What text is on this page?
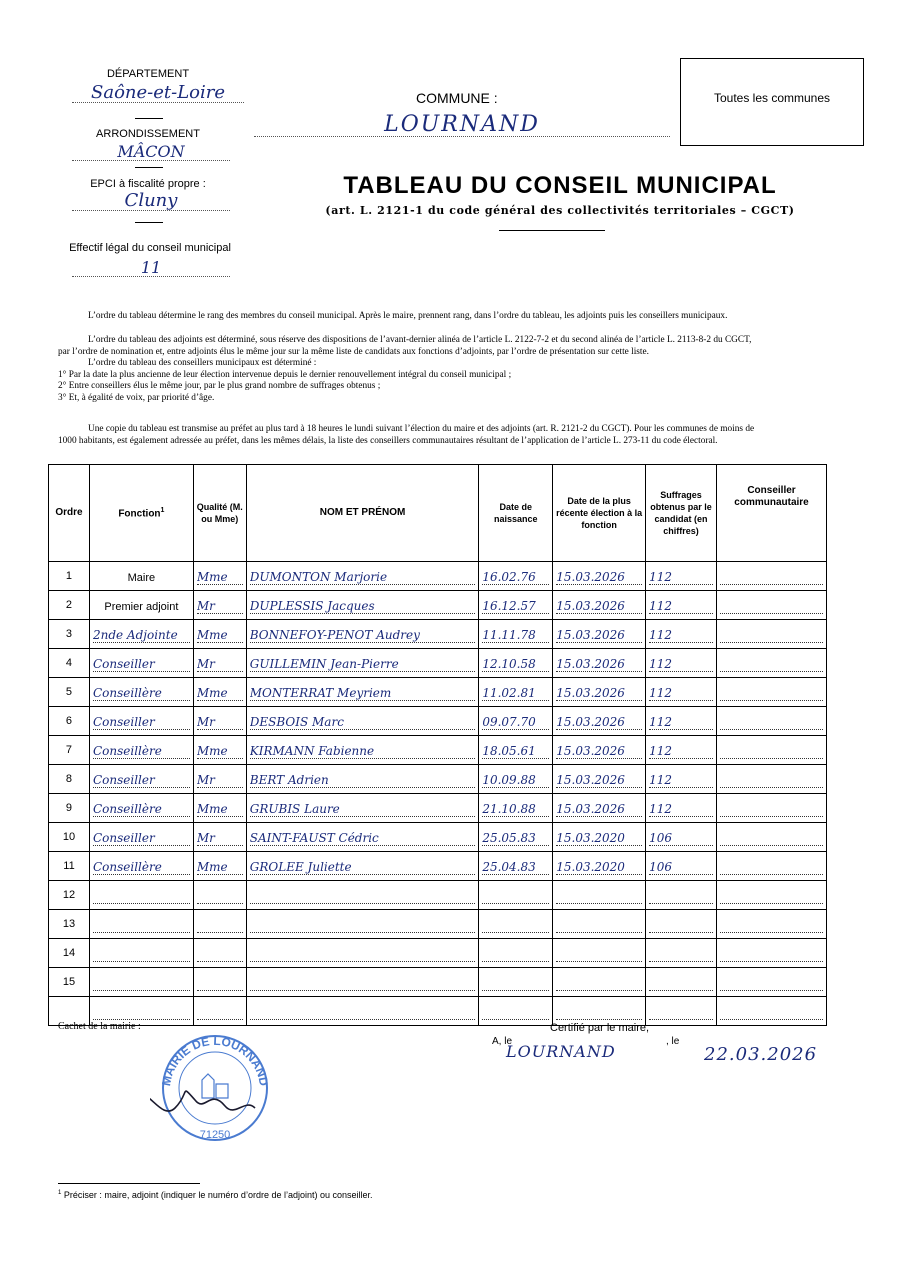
DÉPARTEMENT
Saône-et-Loire
ARRONDISSEMENT
MÂCON
EPCI à fiscalité propre :
Cluny
Effectif légal du conseil municipal
11
COMMUNE :
LOURNAND
Toutes les communes
TABLEAU DU CONSEIL MUNICIPAL
(art. L. 2121-1 du code général des collectivités territoriales – CGCT)
L’ordre du tableau détermine le rang des membres du conseil municipal. Après le maire, prennent rang, dans l’ordre du tableau, les adjoints puis les conseillers municipaux.
L’ordre du tableau des adjoints est déterminé, sous réserve des dispositions de l’avant-dernier alinéa de l’article L. 2122-7-2 et du second alinéa de l’article L. 2113-8-2 du CGCT,
par l’ordre de nomination et, entre adjoints élus le même jour sur la même liste de candidats aux fonctions d’adjoints, par l’ordre de présentation sur cette liste.
L’ordre du tableau des conseillers municipaux est déterminé :
1° Par la date la plus ancienne de leur élection intervenue depuis le dernier renouvellement intégral du conseil municipal ;
2° Entre conseillers élus le même jour, par le plus grand nombre de suffrages obtenus ;
3° Et, à égalité de voix, par priorité d’âge.
Une copie du tableau est transmise au préfet au plus tard à 18 heures le lundi suivant l’élection du maire et des adjoints (art. R. 2121-2 du CGCT). Pour les communes de moins de
1000 habitants, est également adressée au préfet, dans les mêmes délais, la liste des conseillers communautaires résultant de l’application de l’article L. 273-11 du code électoral.
Ordre	Fonction$^1$	Qualité (M. ou Mme)	NOM ET PRÉNOM	Date de naissance	Date de la plus récente élection à la fonction	Suffrages obtenus par le candidat (en chiffres)	Conseiller communautaire
1	Maire	Mme	DUMONTON Marjorie	16.02.76	15.03.2026	112	

2	Premier adjoint	Mr	DUPLESSIS Jacques	16.12.57	15.03.2026	112	

3	2nde Adjointe	Mme	BONNEFOY-PENOT Audrey	11.11.78	15.03.2026	112	

4	Conseiller	Mr	GUILLEMIN Jean-Pierre	12.10.58	15.03.2026	112	

5	Conseillère	Mme	MONTERRAT Meyriem	11.02.81	15.03.2026	112	

6	Conseiller	Mr	DESBOIS Marc	09.07.70	15.03.2026	112	

7	Conseillère	Mme	KIRMANN Fabienne	18.05.61	15.03.2026	112	

8	Conseiller	Mr	BERT Adrien	10.09.88	15.03.2026	112	

9	Conseillère	Mme	GRUBIS Laure	21.10.88	15.03.2026	112	

10	Conseiller	Mr	SAINT-FAUST Cédric	25.05.83	15.03.2020	106	

11	Conseillère	Mme	GROLEE Juliette	25.04.83	15.03.2020	106	

12	

13	

14	

15	

Cachet de la mairie :	Certifié par le maire,
A, le
LOURNAND
, le
22.03.2026
MAIRIE DE LOURNAND
71250
$^1$ Préciser : maire, adjoint (indiquer le numéro d’ordre de l’adjoint) ou conseiller.
